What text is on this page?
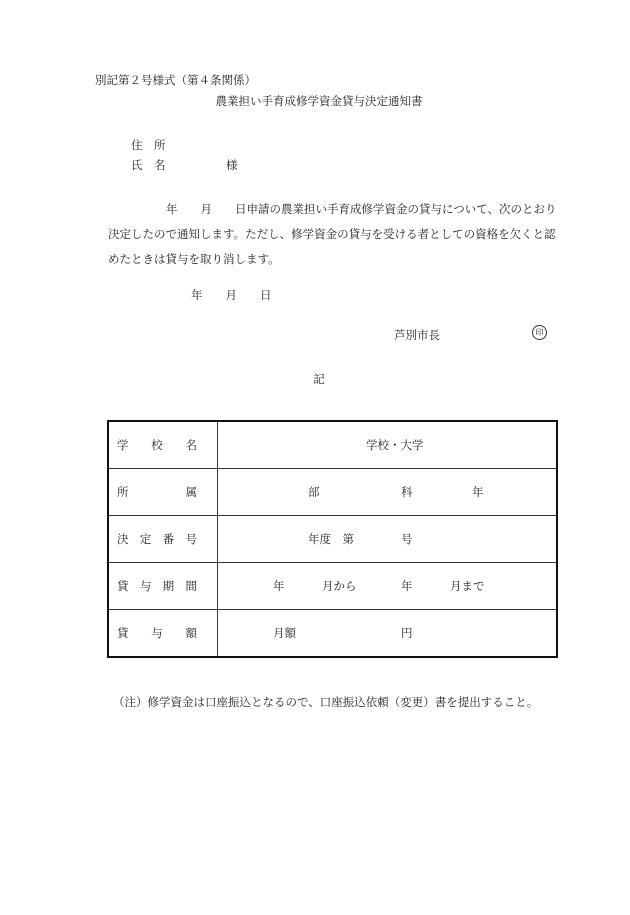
別記第２号様式（第４条関係）
農業担い手育成修学資金貸与決定通知書
住　所
氏　名	様
年　　月　　日申請の農業担い手育成修学資金の貸与について、次のとおり
決定したので通知します。ただし、修学資金の貸与を受ける者としての資格を欠くと認
めたときは貸与を取り消します。
年　　月　　日
芦別市長	印
記
学 校 名	学校・大学

所 属	部 科 年

決 定 番 号	年度　第 号

貸 与 期 間	年 月から 年 月まで

貸 与 額	月額 円
（注）修学資金は口座振込となるので、口座振込依頼（変更）書を提出すること。
